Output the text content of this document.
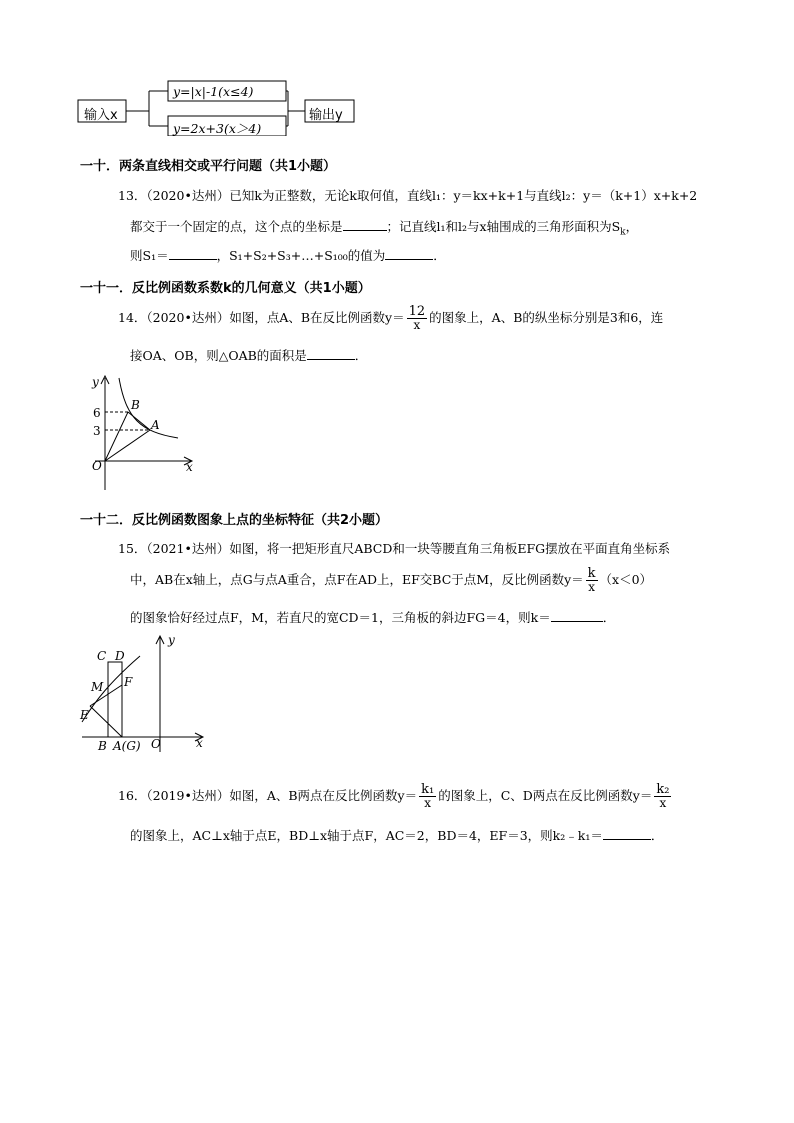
输入x
y=|x|-1(x≤4)
y=2x+3(x＞4)
输出y
一十．两条直线相交或平行问题（共1小题）
13．（2020•达州）已知k为正整数，无论k取何值，直线l₁：y＝kx+k+1与直线l₂：y＝（k+1）x+k+2
都交于一个固定的点，这个点的坐标是	；记直线l₁和l₂与x轴围成的三角形面积为$S_k$，
则S₁＝	，S₁+S₂+S₃+…+S₁₀₀的值为	．
一十一．反比例函数系数k的几何意义（共1小题）
14．（2020•达州）如图，点A、B在反比例函数$y= \frac{12}{x}$ 的图象上，A、B的纵坐标分别是3和6，连
接OA、OB，则△OAB的面积是	．
y
x
O
6
3
B
A
一十二．反比例函数图象上点的坐标特征（共2小题）
15．（2021•达州）如图，将一把矩形直尺ABCD和一块等腰直角三角板EFG摆放在平面直角坐标系
中，AB在x轴上，点G与点A重合，点F在AD上，EF交BC于点M，反比例函数$y= \frac{k}{x} (x<0)$
的图象恰好经过点F，M，若直尺的宽CD＝1，三角板的斜边FG＝4，则k＝	．
C D
M F
E
B A(G) O	x
y
16．（2019•达州）如图，A、B两点在反比例函数$y= \frac{\text{k₁}}{x}$ 的图象上，C、D两点在反比例函数$y= \frac{\text{k₂}}{x}$
的图象上，AC⊥x轴于点E，BD⊥x轴于点F，AC＝2，BD＝4，EF＝3，则k₂﹣k₁＝	．
